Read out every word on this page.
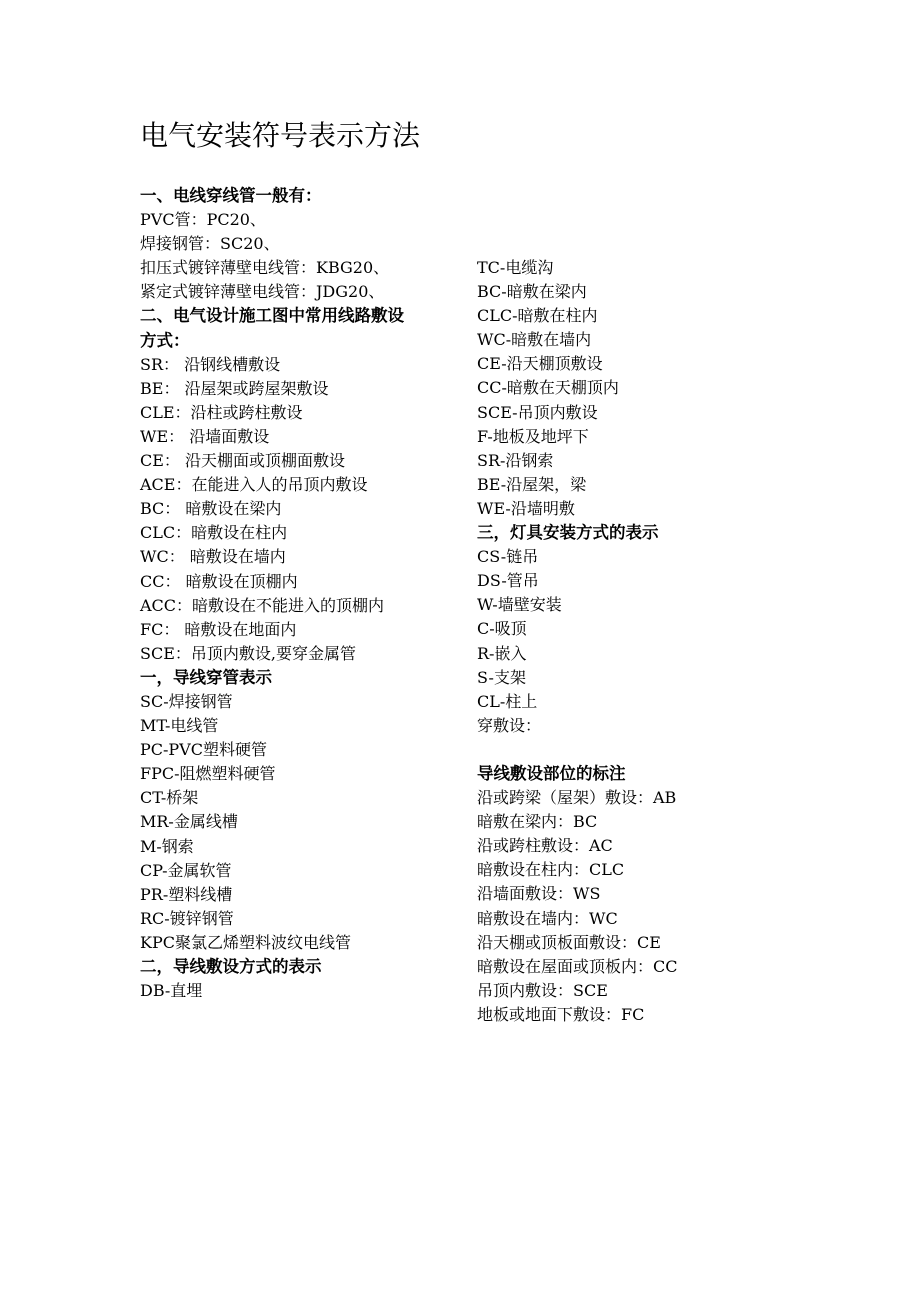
电气安装符号表示方法
一、电线穿线管一般有：
PVC管：PC20、
焊接钢管：SC20、
扣压式镀锌薄壁电线管：KBG20、
紧定式镀锌薄壁电线管：JDG20、
二、电气设计施工图中常用线路敷设
方式：
SR： 沿钢线槽敷设
BE： 沿屋架或跨屋架敷设
CLE：沿柱或跨柱敷设
WE： 沿墙面敷设
CE： 沿天棚面或顶棚面敷设
ACE：在能进入人的吊顶内敷设
BC： 暗敷设在梁内
CLC：暗敷设在柱内
WC： 暗敷设在墙内
CC： 暗敷设在顶棚内
ACC：暗敷设在不能进入的顶棚内
FC： 暗敷设在地面内
SCE：吊顶内敷设,要穿金属管
一，导线穿管表示
SC-焊接钢管
MT-电线管
PC-PVC塑料硬管
FPC-阻燃塑料硬管
CT-桥架
MR-金属线槽
M-钢索
CP-金属软管
PR-塑料线槽
RC-镀锌钢管
KPC聚氯乙烯塑料波纹电线管
二，导线敷设方式的表示
DB-直埋
TC-电缆沟
BC-暗敷在梁内
CLC-暗敷在柱内
WC-暗敷在墙内
CE-沿天棚顶敷设
CC-暗敷在天棚顶内
SCE-吊顶内敷设
F-地板及地坪下
SR-沿钢索
BE-沿屋架，梁
WE-沿墙明敷
三，灯具安装方式的表示
CS-链吊
DS-管吊
W-墙壁安装
C-吸顶
R-嵌入
S-支架
CL-柱上
穿敷设：
导线敷设部位的标注
沿或跨梁（屋架）敷设：AB
暗敷在梁内：BC
沿或跨柱敷设：AC
暗敷设在柱内：CLC
沿墙面敷设：WS
暗敷设在墙内：WC
沿天棚或顶板面敷设：CE
暗敷设在屋面或顶板内：CC
吊顶内敷设：SCE
地板或地面下敷设：FC
